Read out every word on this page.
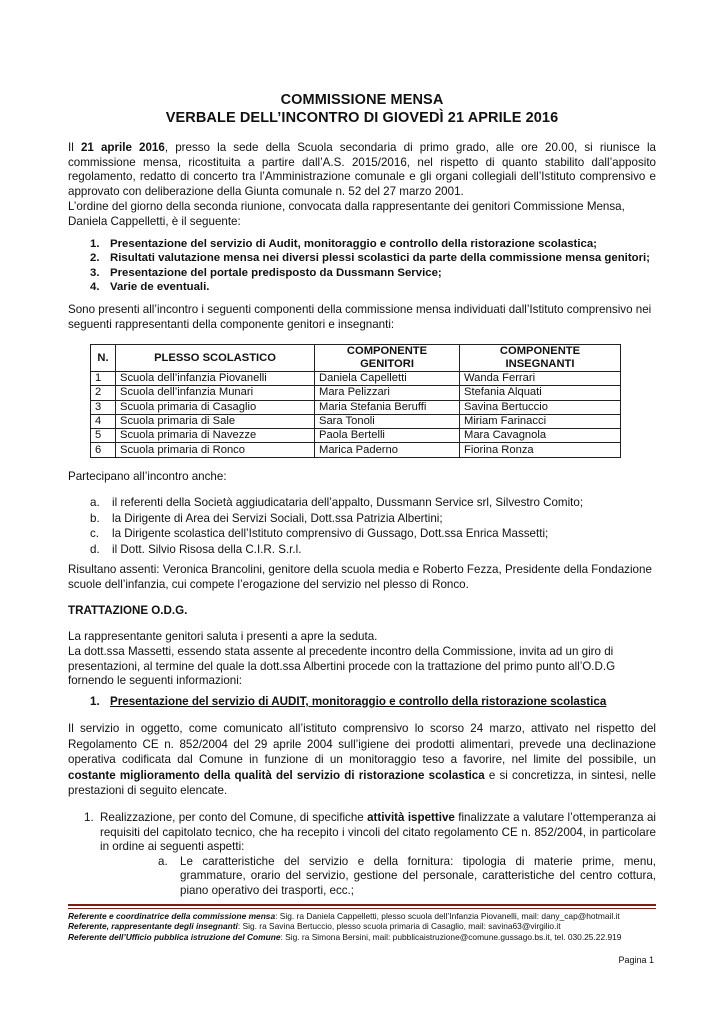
COMMISSIONE MENSA
VERBALE DELL’INCONTRO DI GIOVEDÌ 21 APRILE 2016
Il 21 aprile 2016, presso la sede della Scuola secondaria di primo grado, alle ore 20.00, si riunisce la commissione mensa, ricostituita a partire dall’A.S. 2015/2016, nel rispetto di quanto stabilito dall’apposito regolamento, redatto di concerto tra l’Amministrazione comunale e gli organi collegiali dell’Istituto comprensivo e approvato con deliberazione della Giunta comunale n. 52 del 27 marzo 2001.
L’ordine del giorno della seconda riunione, convocata dalla rappresentante dei genitori Commissione Mensa, Daniela Cappelletti, è il seguente:
1. Presentazione del servizio di Audit, monitoraggio e controllo della ristorazione scolastica;
2. Risultati valutazione mensa nei diversi plessi scolastici da parte della commissione mensa genitori;
3. Presentazione del portale predisposto da Dussmann Service;
4. Varie de eventuali.
Sono presenti all’incontro i seguenti componenti della commissione mensa individuati dall’Istituto comprensivo nei seguenti rappresentanti della componente genitori e insegnanti:
N.	PLESSO SCOLASTICO	COMPONENTE GENITORI	COMPONENTE INSEGNANTI
1	Scuola dell’infanzia Piovanelli	Daniela Capelletti	Wanda Ferrari
2	Scuola dell’infanzia Munari	Mara Pelizzari	Stefania Alquati
3	Scuola primaria di Casaglio	Maria Stefania Beruffi	Savina Bertuccio
4	Scuola primaria di Sale	Sara Tonoli	Miriam Farinacci
5	Scuola primaria di Navezze	Paola Bertelli	Mara Cavagnola
6	Scuola primaria di Ronco	Marica Paderno	Fiorina Ronza
Partecipano all’incontro anche:
a. il referenti della Società aggiudicataria dell’appalto, Dussmann Service srl, Silvestro Comito;
b. la Dirigente di Area dei Servizi Sociali, Dott.ssa Patrizia Albertini;
c. la Dirigente scolastica dell’Istituto comprensivo di Gussago, Dott.ssa Enrica Massetti;
d. il Dott. Silvio Risosa della C.I.R. S.r.l.
Risultano assenti: Veronica Brancolini, genitore della scuola media e Roberto Fezza, Presidente della Fondazione scuole dell’infanzia, cui compete l’erogazione del servizio nel plesso di Ronco.
TRATTAZIONE O.D.G.
La rappresentante genitori saluta i presenti a apre la seduta.
La dott.ssa Massetti, essendo stata assente al precedente incontro della Commissione, invita ad un giro di presentazioni, al termine del quale la dott.ssa Albertini procede con la trattazione del primo punto all’O.D.G fornendo le seguenti informazioni:
1. Presentazione del servizio di AUDIT, monitoraggio e controllo della ristorazione scolastica
Il servizio in oggetto, come comunicato all’istituto comprensivo lo scorso 24 marzo, attivato nel rispetto del Regolamento CE n. 852/2004 del 29 aprile 2004 sull’igiene dei prodotti alimentari, prevede una declinazione operativa codificata dal Comune in funzione di un monitoraggio teso a favorire, nel limite del possibile, un costante miglioramento della qualità del servizio di ristorazione scolastica e si concretizza, in sintesi, nelle prestazioni di seguito elencate.
1. Realizzazione, per conto del Comune, di specifiche attività ispettive finalizzate a valutare l’ottemperanza ai requisiti del capitolato tecnico, che ha recepito i vincoli del citato regolamento CE n. 852/2004, in particolare in ordine ai seguenti aspetti:
a. Le caratteristiche del servizio e della fornitura: tipologia di materie prime, menu, grammature, orario del servizio, gestione del personale, caratteristiche del centro cottura, piano operativo dei trasporti, ecc.;
Referente e coordinatrice della commissione mensa: Sig. ra Daniela Cappelletti, plesso scuola dell’Infanzia Piovanelli, mail: dany_cap@hotmail.it
Referente, rappresentante degli insegnanti: Sig. ra Savina Bertuccio, plesso scuola primaria di Casaglio, mail: savina63@virgilio.it
Referente dell’Ufficio pubblica istruzione del Comune: Sig. ra Simona Bersini, mail: pubblicaistruzione@comune.gussago.bs.it, tel. 030.25.22.919
Pagina 1
